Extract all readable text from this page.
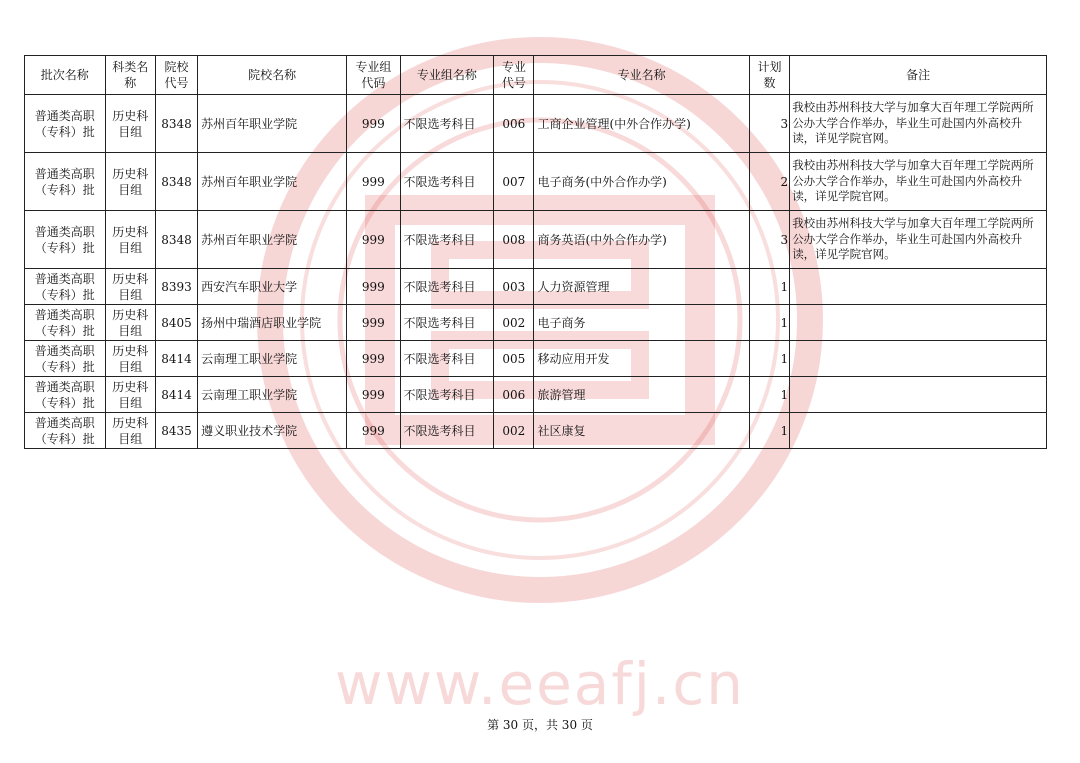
www.eeafj.cn
批次名称	科类名称	院校代号	院校名称	专业组代码	专业组名称	专业代号	专业名称	计划数	备注
普通类高职（专科）批	历史科目组	8348	苏州百年职业学院	999	不限选考科目	006	工商企业管理(中外合作办学)	3	我校由苏州科技大学与加拿大百年理工学院两所公办大学合作举办，毕业生可赴国内外高校升读，详见学院官网。
普通类高职（专科）批	历史科目组	8348	苏州百年职业学院	999	不限选考科目	007	电子商务(中外合作办学)	2	我校由苏州科技大学与加拿大百年理工学院两所公办大学合作举办，毕业生可赴国内外高校升读，详见学院官网。
普通类高职（专科）批	历史科目组	8348	苏州百年职业学院	999	不限选考科目	008	商务英语(中外合作办学)	3	我校由苏州科技大学与加拿大百年理工学院两所公办大学合作举办，毕业生可赴国内外高校升读，详见学院官网。
普通类高职（专科）批	历史科目组	8393	西安汽车职业大学	999	不限选考科目	003	人力资源管理	1	
普通类高职（专科）批	历史科目组	8405	扬州中瑞酒店职业学院	999	不限选考科目	002	电子商务	1	
普通类高职（专科）批	历史科目组	8414	云南理工职业学院	999	不限选考科目	005	移动应用开发	1	
普通类高职（专科）批	历史科目组	8414	云南理工职业学院	999	不限选考科目	006	旅游管理	1	
普通类高职（专科）批	历史科目组	8435	遵义职业技术学院	999	不限选考科目	002	社区康复	1	
第 30 页，共 30 页
